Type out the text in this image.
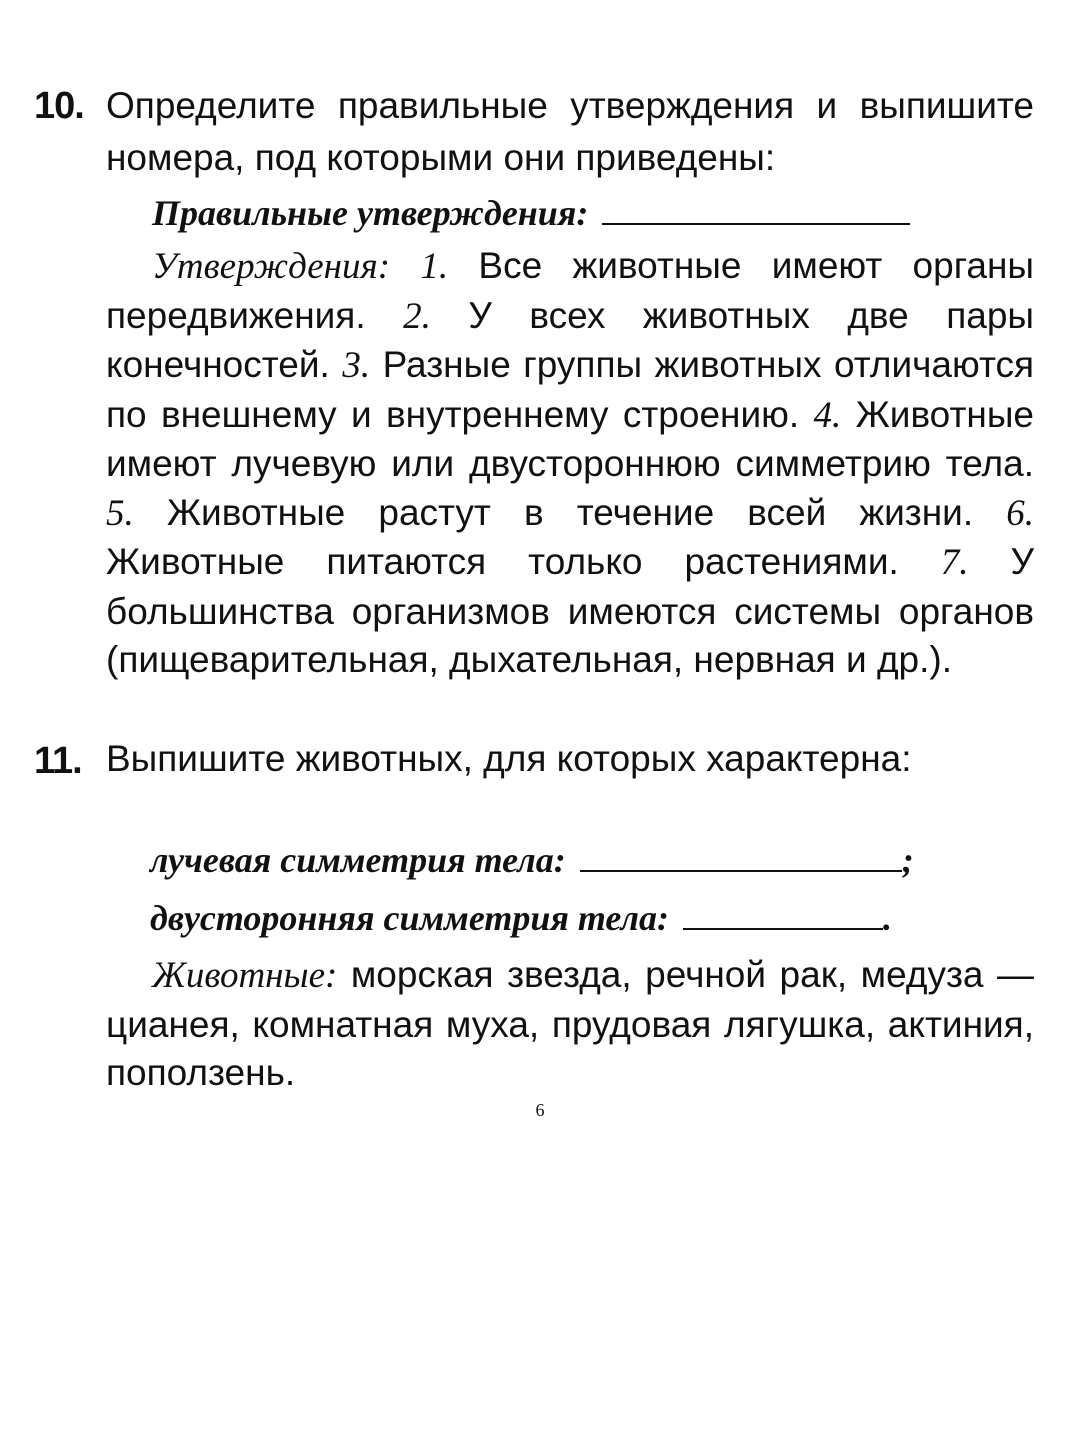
10. Определите правильные утверждения и выпишите номера, под которыми они приведены:

Правильные утверждения:

Утверждения: 1. Все животные имеют органы передвижения. 2. У всех животных две пары конечностей. 3. Разные группы животных отличаются по внешнему и внутреннему строению. 4. Животные имеют лучевую или двустороннюю симметрию тела. 5. Животные растут в течение всей жизни. 6. Животные питаются только растениями. 7. У большинства организмов имеются системы органов (пищеварительная, дыхательная, нервная и др.).

11. Выпишите животных, для которых характерна:

лучевая симметрия тела:	;
двусторонняя симметрия тела:	.

Животные: морская звезда, речной рак, медуза — цианея, комнатная муха, прудовая лягушка, актиния, поползень.

6
